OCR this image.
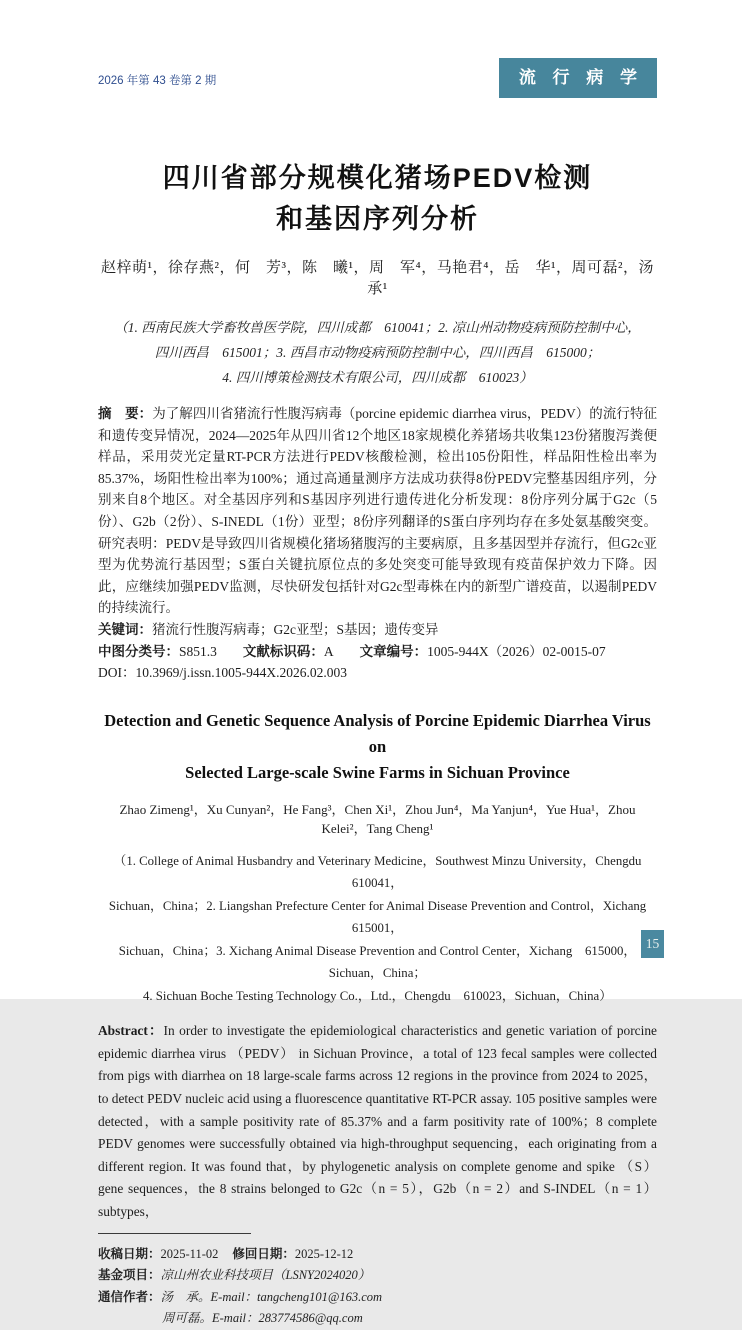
2026 年第 43 卷第 2 期	流 行 病 学
四川省部分规模化猪场PEDV检测
和基因序列分析
赵梓萌¹，徐存燕²，何　芳³，陈　曦¹，周　军⁴，马艳君⁴，岳　华¹，周可磊²，汤　承¹
（1. 西南民族大学畜牧兽医学院，四川成都　610041；2. 凉山州动物疫病预防控制中心，
四川西昌　615001；3. 西昌市动物疫病预防控制中心，四川西昌　615000；
4. 四川博策检测技术有限公司，四川成都　610023）

摘　要：为了解四川省猪流行性腹泻病毒（porcine epidemic diarrhea virus，PEDV）的流行特征和遗传变异情况，2024—2025年从四川省12个地区18家规模化养猪场共收集123份猪腹泻粪便样品，采用荧光定量RT-PCR方法进行PEDV核酸检测，检出105份阳性，样品阳性检出率为85.37%，场阳性检出率为100%；通过高通量测序方法成功获得8份PEDV完整基因组序列，分别来自8个地区。对全基因序列和S基因序列进行遗传进化分析发现：8份序列分属于G2c（5份）、G2b（2份）、S-INEDL（1份）亚型；8份序列翻译的S蛋白序列均存在多处氨基酸突变。研究表明：PEDV是导致四川省规模化猪场猪腹泻的主要病原，且多基因型并存流行，但G2c亚型为优势流行基因型；S蛋白关键抗原位点的多处突变可能导致现有疫苗保护效力下降。因此，应继续加强PEDV监测，尽快研发包括针对G2c型毒株在内的新型广谱疫苗，以遏制PEDV的持续流行。

关键词：猪流行性腹泻病毒；G2c亚型；S基因；遗传变异

中图分类号：S851.3 文献标识码：A 文章编号：1005-944X（2026）02-0015-07

DOI：10.3969/j.issn.1005-944X.2026.02.003

Detection and Genetic Sequence Analysis of Porcine Epidemic Diarrhea Virus on
Selected Large-scale Swine Farms in Sichuan Province
Zhao Zimeng¹，Xu Cunyan²，He Fang³，Chen Xi¹，Zhou Jun⁴，Ma Yanjun⁴，Yue Hua¹，Zhou Kelei²，Tang Cheng¹
（1. College of Animal Husbandry and Veterinary Medicine，Southwest Minzu University，Chengdu　610041，
Sichuan，China；2. Liangshan Prefecture Center for Animal Disease Prevention and Control，Xichang　615001，
Sichuan，China；3. Xichang Animal Disease Prevention and Control Center，Xichang　615000，Sichuan，China；
4. Sichuan Boche Testing Technology Co.，Ltd.，Chengdu　610023，Sichuan，China）

Abstract：In order to investigate the epidemiological characteristics and genetic variation of porcine epidemic diarrhea virus （PEDV） in Sichuan Province，a total of 123 fecal samples were collected from pigs with diarrhea on 18 large-scale farms across 12 regions in the province from 2024 to 2025，to detect PEDV nucleic acid using a fluorescence quantitative RT-PCR assay. 105 positive samples were detected，with a sample positivity rate of 85.37% and a farm positivity rate of 100%；8 complete PEDV genomes were successfully obtained via high-throughput sequencing，each originating from a different region. It was found that，by phylogenetic analysis on complete genome and spike （S） gene sequences，the 8 strains belonged to G2c（n = 5），G2b（n = 2）and S-INDEL（n = 1）subtypes，

收稿日期： 2025-11-02 修回日期： 2025-12-12
基金项目： 凉山州农业科技项目（LSNY2024020）
通信作者： 汤　承。E-mail：tangcheng101@163.com
周可磊。E-mail：283774586@qq.com
15
